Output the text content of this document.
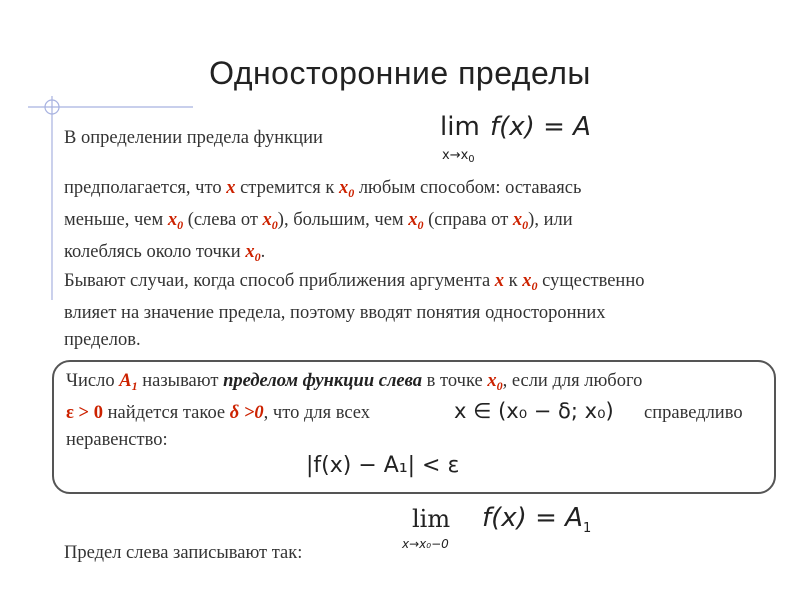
Односторонние пределы
В определении предела функции	lim
$x\to x_0$
f(x) = A
предполагается, что x стремится к $x_0$ любым способом: оставаясь
меньше, чем $x_0$ (слева от $x_0$), большим, чем $x_0$ (справа от $x_0$), или
колеблясь около точки $x_0$.
Бывают случаи, когда способ приближения аргумента x к $x_0$ существенно
влияет на значение предела, поэтому вводят понятия односторонних
пределов.
Число $A_1$ называют пределом функции слева в точке $x_0$, если для любого
ε > 0 найдется такое δ >0, что для всех	x ∈ (x₀ − δ; x₀) справедливо
неравенство:
|f(x) − A₁| < ε
Предел слева записывают так:
lim
x→x₀−0
$f(x) = A_1$
